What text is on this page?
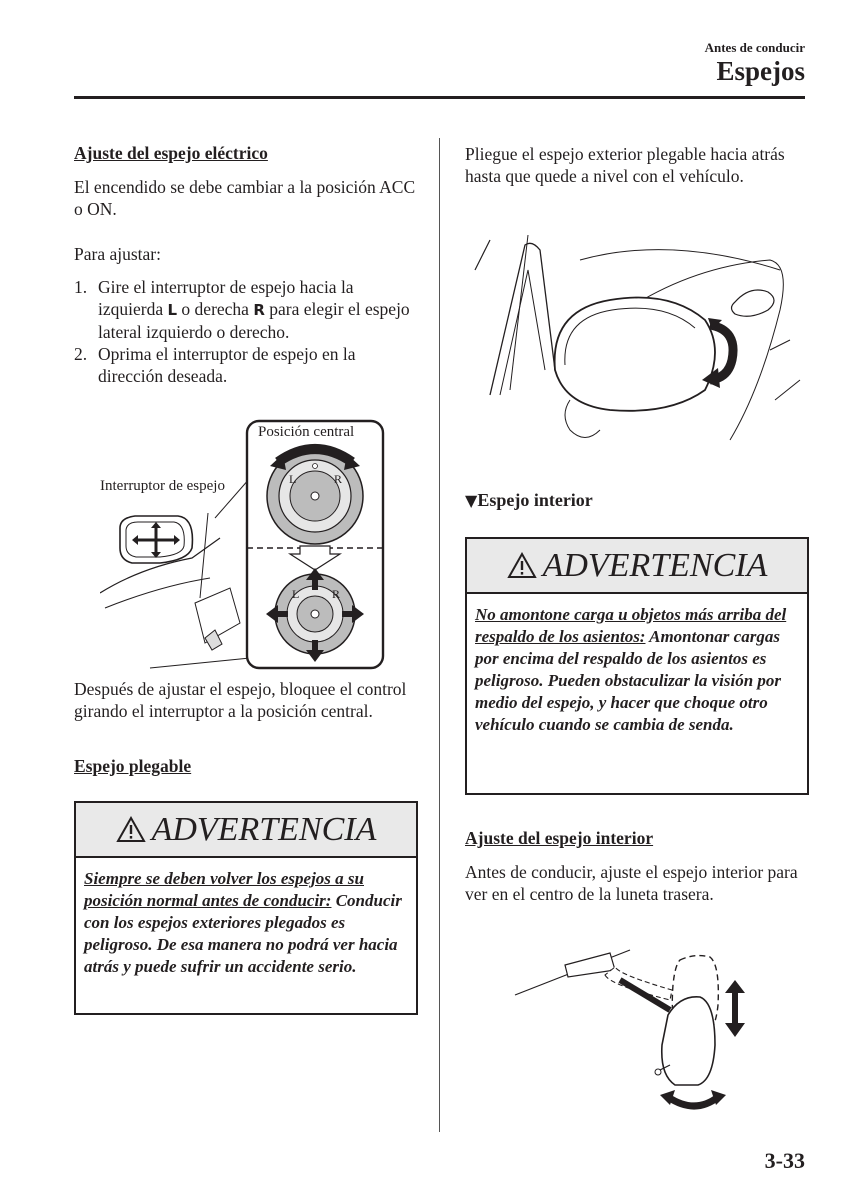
Antes de conducir
Espejos
Ajuste del espejo eléctrico
El encendido se debe cambiar a la posición ACC o ON.
Para ajustar:
1. Gire el interruptor de espejo hacia la izquierda L o derecha R para elegir el espejo lateral izquierdo o derecho.
2. Oprima el interruptor de espejo en la dirección deseada.
Posición central
Interruptor de espejo	L	R
L	R
Después de ajustar el espejo, bloquee el control girando el interruptor a la posición central.
Espejo plegable
ADVERTENCIA
Siempre se deben volver los espejos a su posición normal antes de conducir: Conducir con los espejos exteriores plegados es peligroso. De esa manera no podrá ver hacia atrás y puede sufrir un accidente serio.
Pliegue el espejo exterior plegable hacia atrás hasta que quede a nivel con el vehículo.
▼Espejo interior
ADVERTENCIA
No amontone carga u objetos más arriba del respaldo de los asientos: Amontonar cargas por encima del respaldo de los asientos es peligroso. Pueden obstaculizar la visión por medio del espejo, y hacer que choque otro vehículo cuando se cambia de senda.
Ajuste del espejo interior
Antes de conducir, ajuste el espejo interior para ver en el centro de la luneta trasera.
3-33
